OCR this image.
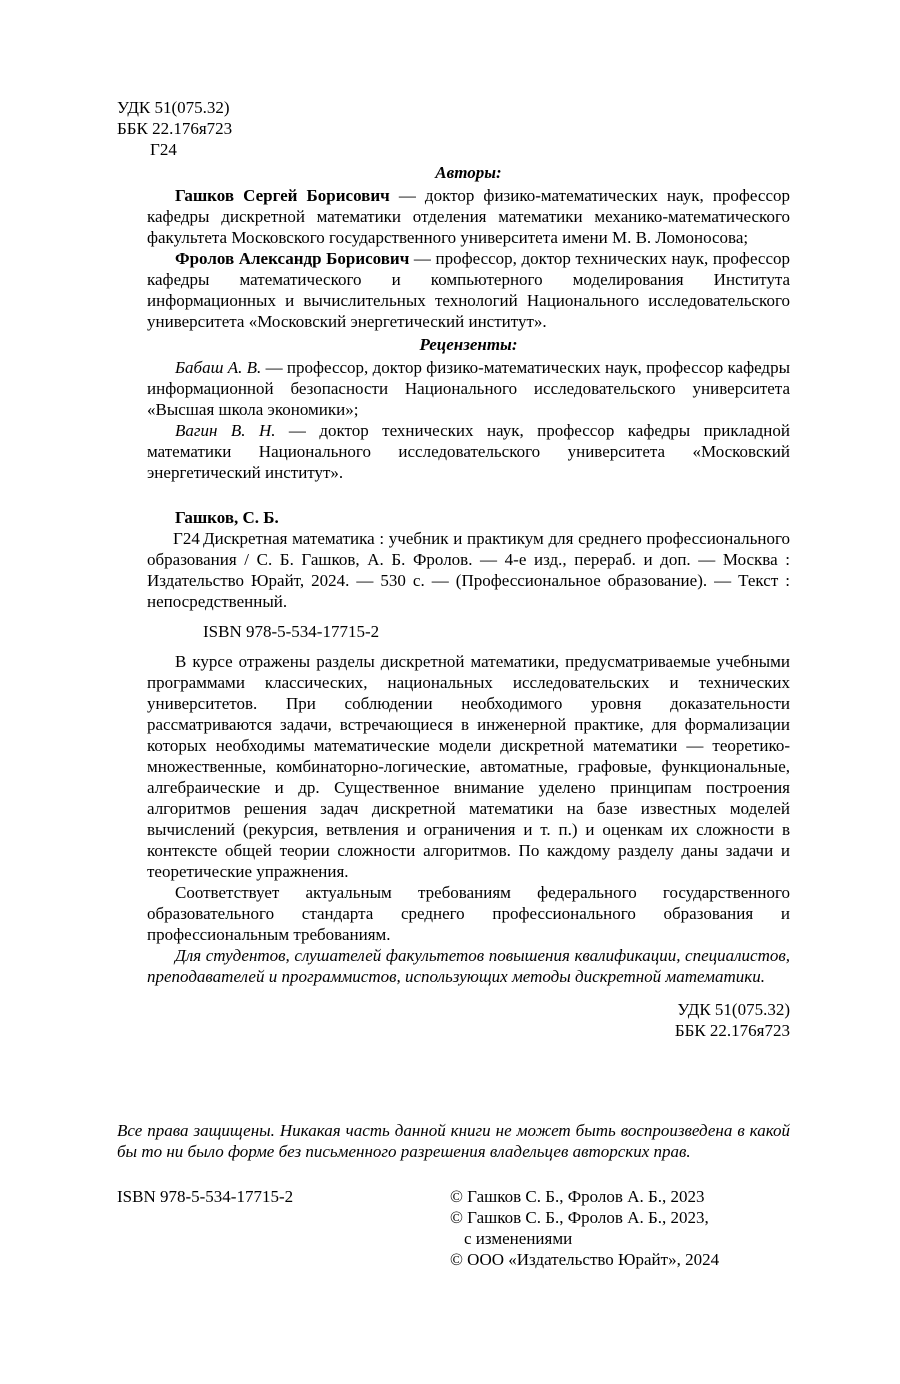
УДК 51(075.32)
ББК 22.176я723
Г24
Авторы:

Гашков Сергей Борисович — доктор физико-математических наук, профессор кафедры дискретной математики отделения математики механико-математического факультета Московского государственного университета имени М. В. Ломоносова;

Фролов Александр Борисович — профессор, доктор технических наук, профессор кафедры математического и компьютерного моделирования Института информационных и вычислительных технологий Национального исследовательского университета «Московский энергетический институт».

Рецензенты:

Бабаш А. В. — профессор, доктор физико-математических наук, профессор кафедры информационной безопасности Национального исследовательского университета «Высшая школа экономики»;

Вагин В. Н. — доктор технических наук, профессор кафедры прикладной математики Национального исследовательского университета «Московский энергетический институт».

Гашков, С. Б.

Г24 Дискретная математика : учебник и практикум для среднего профессионального образования / С. Б. Гашков, А. Б. Фролов. — 4-е изд., перераб. и доп. — Москва : Издательство Юрайт, 2024. — 530 с. — (Профессиональное образование). — Текст : непосредственный.

ISBN 978-5-534-17715-2

В курсе отражены разделы дискретной математики, предусматриваемые учебными программами классических, национальных исследовательских и технических университетов. При соблюдении необходимого уровня доказательности рассматриваются задачи, встречающиеся в инженерной практике, для формализации которых необходимы математические модели дискретной математики — теоретико-множественные, комбинаторно-логические, автоматные, графовые, функциональные, алгебраические и др. Существенное внимание уделено принципам построения алгоритмов решения задач дискретной математики на базе известных моделей вычислений (рекурсия, ветвления и ограничения и т. п.) и оценкам их сложности в контексте общей теории сложности алгоритмов. По каждому разделу даны задачи и теоретические упражнения.

Соответствует актуальным требованиям федерального государственного образовательного стандарта среднего профессионального образования и профессиональным требованиям.

Для студентов, слушателей факультетов повышения квалификации, специалистов, преподавателей и программистов, использующих методы дискретной математики.

УДК 51(075.32)
ББК 22.176я723

Все права защищены. Никакая часть данной книги не может быть воспроизведена в какой бы то ни было форме без письменного разрешения владельцев авторских прав.

ISBN 978-5-534-17715-2	© Гашков С. Б., Фролов А. Б., 2023
© Гашков С. Б., Фролов А. Б., 2023,
с изменениями
© ООО «Издательство Юрайт», 2024
